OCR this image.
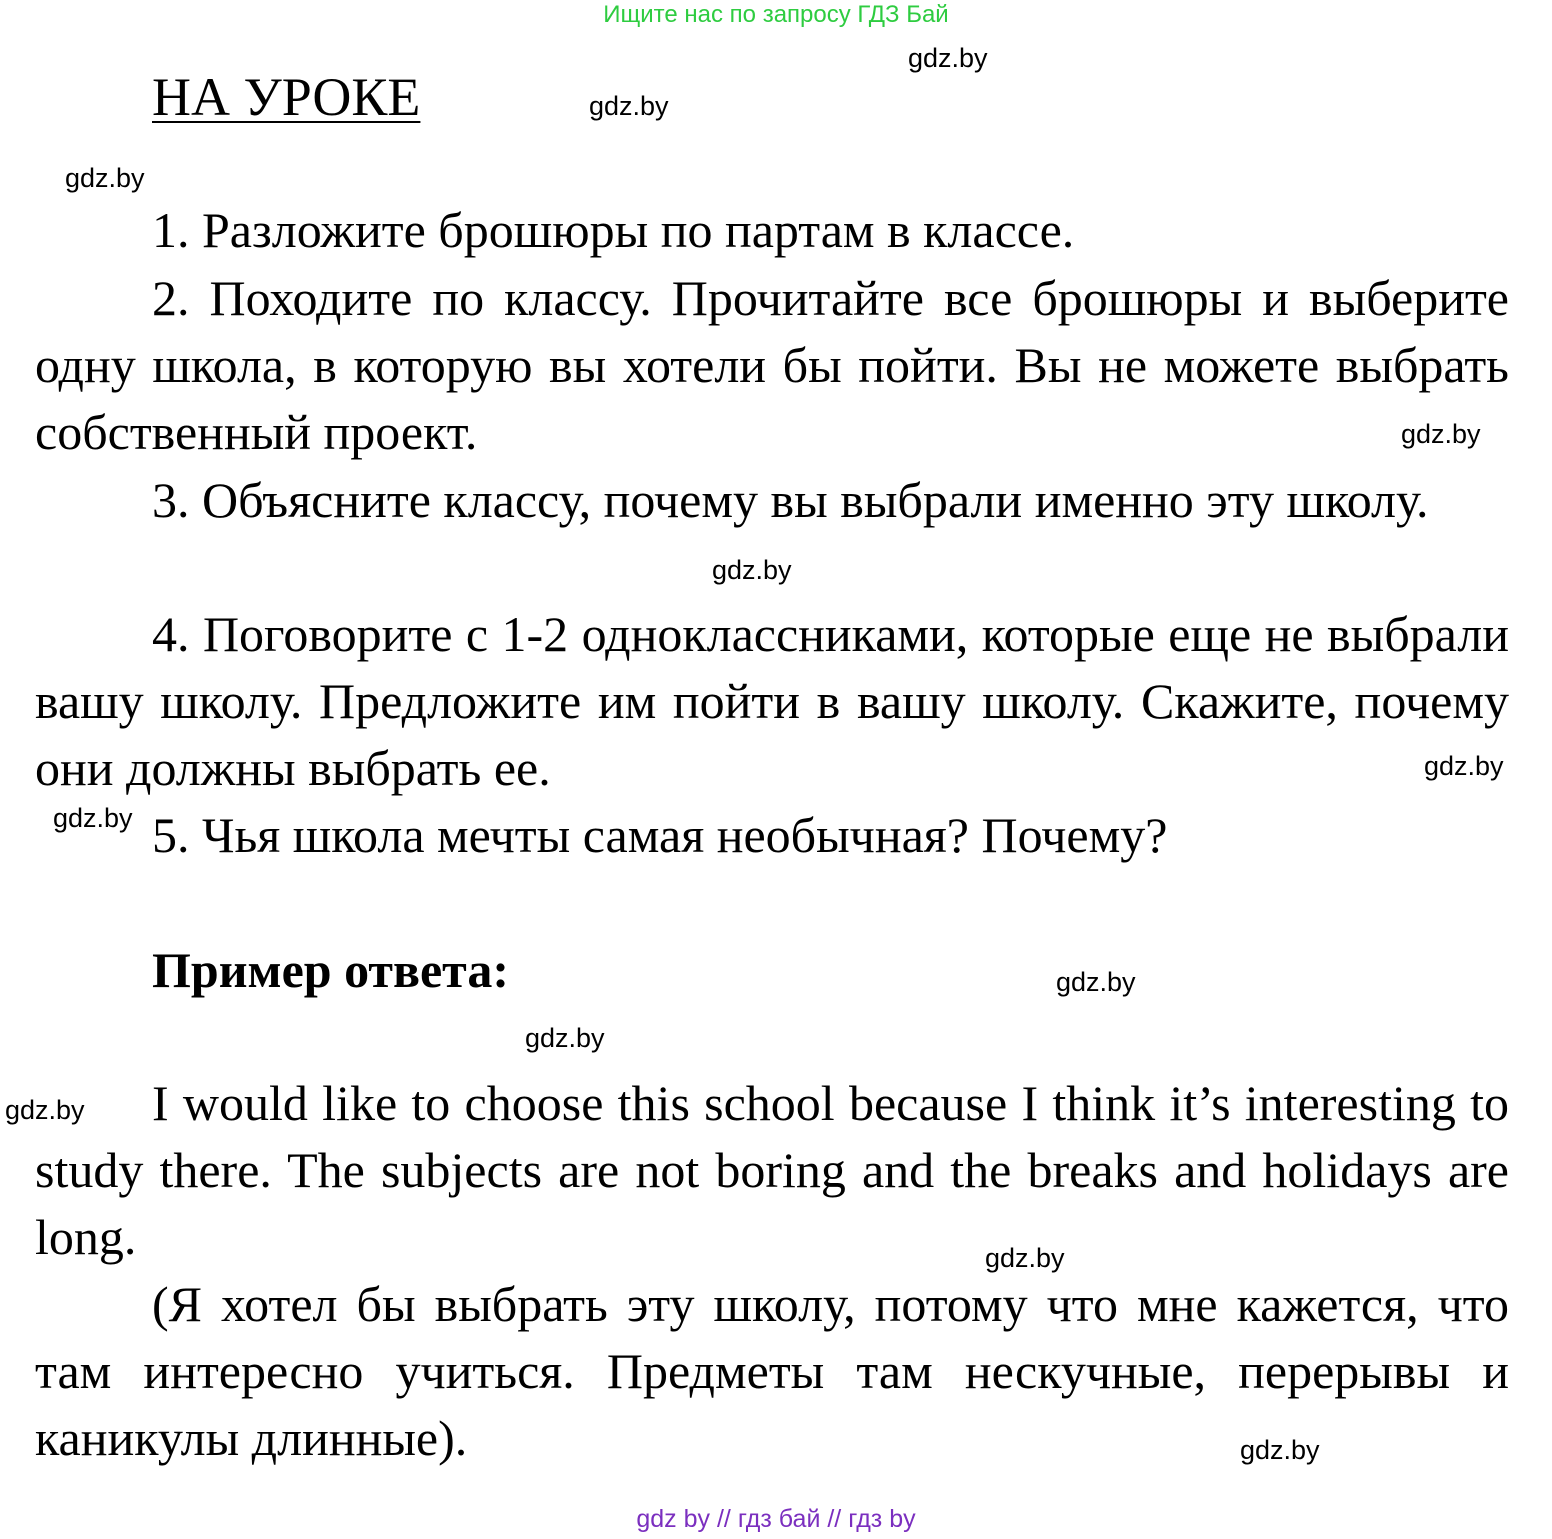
Ищите нас по запросу ГДЗ Бай
НА УРОКЕ

1. Разложите брошюры по партам в классе.

2. Походите по классу. Прочитайте все брошюры и выберите одну школа, в которую вы хотели бы пойти. Вы не можете выбрать собственный проект.

3. Объясните классу, почему вы выбрали именно эту школу.

4. Поговорите с 1-2 одноклассниками, которые еще не выбрали вашу школу. Предложите им пойти в вашу школу. Скажите, почему они должны выбрать ее.

5. Чья школа мечты самая необычная? Почему?

Пример ответа:

I would like to choose this school because I think it’s interesting to study there. The subjects are not boring and the breaks and holidays are long.

(Я хотел бы выбрать эту школу, потому что мне кажется, что там интересно учиться. Предметы там нескучные, перерывы и каникулы длинные).

gdz.by
gdz.by
gdz.by
gdz.by
gdz.by
gdz.by
gdz.by
gdz.by
gdz.by
gdz.by
gdz.by
gdz.by
gdz by // гдз бай // гдз by
